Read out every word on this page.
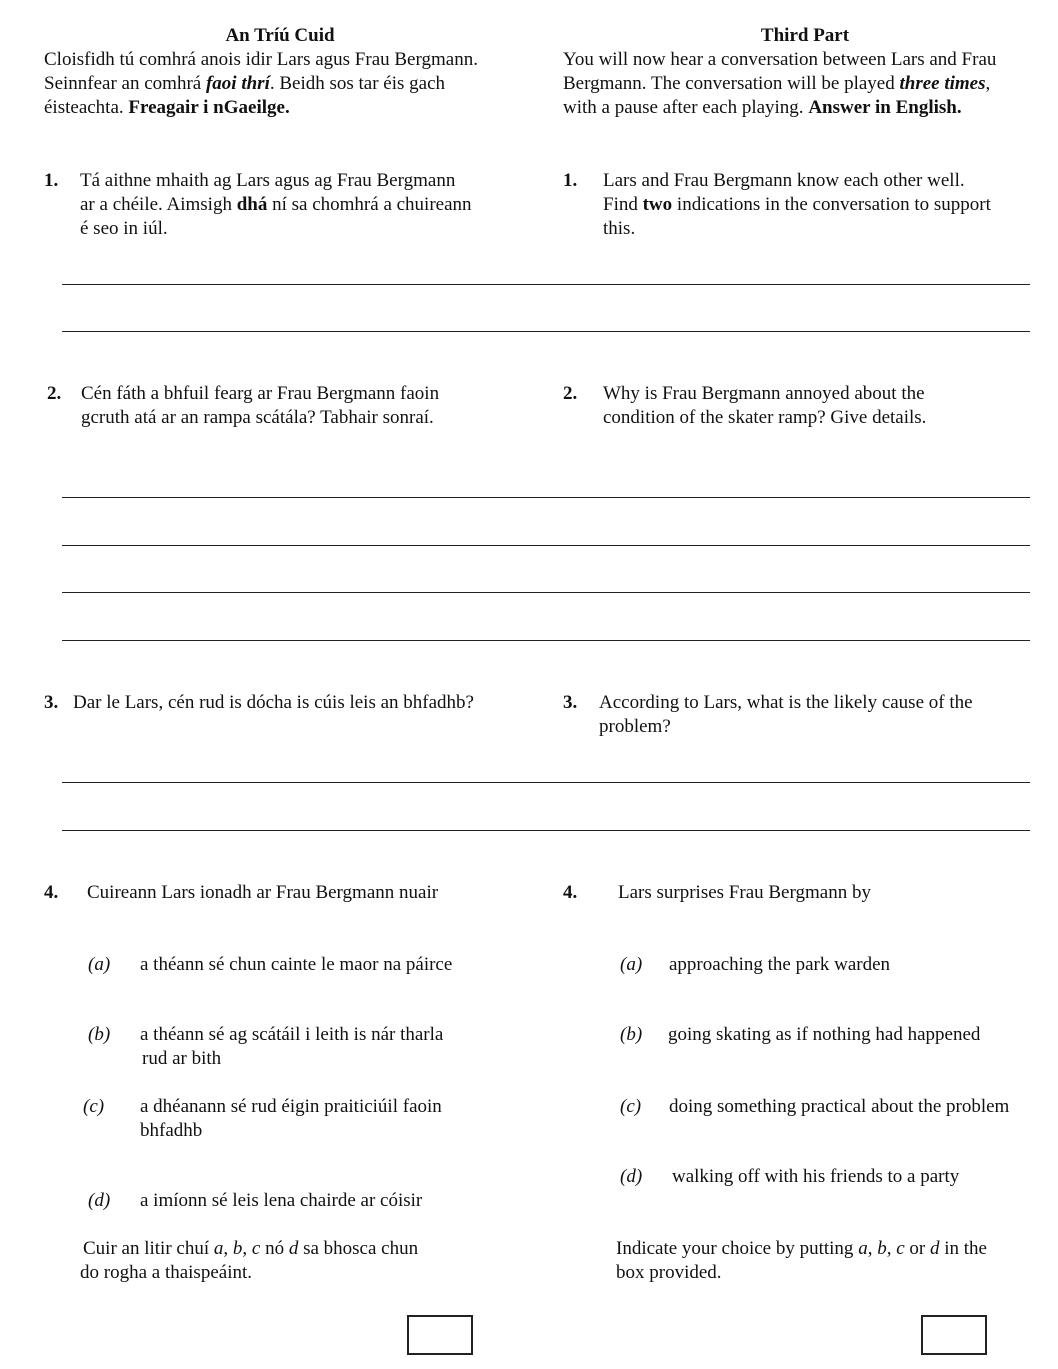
An Tríú Cuid
Cloisfidh tú comhrá anois idir Lars agus Frau Bergmann. Seinnfear an comhrá faoi thrí. Beidh sos tar éis gach éisteachta. Freagair i nGaeilge.
Third Part
You will now hear a conversation between Lars and Frau
Bergmann. The conversation will be played three times,
with a pause after each playing. Answer in English.
1. Tá aithne mhaith ag Lars agus ag Frau Bergmann
ar a chéile. Aimsigh dhá ní sa chomhrá a chuireann
é seo in iúl.
1. Lars and Frau Bergmann know each other well.
Find two indications in the conversation to support
this.
2. Cén fáth a bhfuil fearg ar Frau Bergmann faoin
gcruth atá ar an rampa scátála? Tabhair sonraí.
2. Why is Frau Bergmann annoyed about the
condition of the skater ramp? Give details.
3. Dar le Lars, cén rud is dócha is cúis leis an bhfadhb?	3. According to Lars, what is the likely cause of the
problem?
4. Cuireann Lars ionadh ar Frau Bergmann nuair	4. Lars surprises Frau Bergmann by
(a) a théann sé chun cainte le maor na páirce
(b) a théann sé ag scátáil i leith is nár tharla
rud ar bith
(c) a dhéanann sé rud éigin praiticiúil faoin
bhfadhb
(d) a imíonn sé leis lena chairde ar cóisir
(a) approaching the park warden
(b) going skating as if nothing had happened
(c) doing something practical about the problem
(d) walking off with his friends to a party
Cuir an litir chuí a, b, c nó d sa bhosca chun
do rogha a thaispeáint.
Indicate your choice by putting a, b, c or d in the
box provided.
